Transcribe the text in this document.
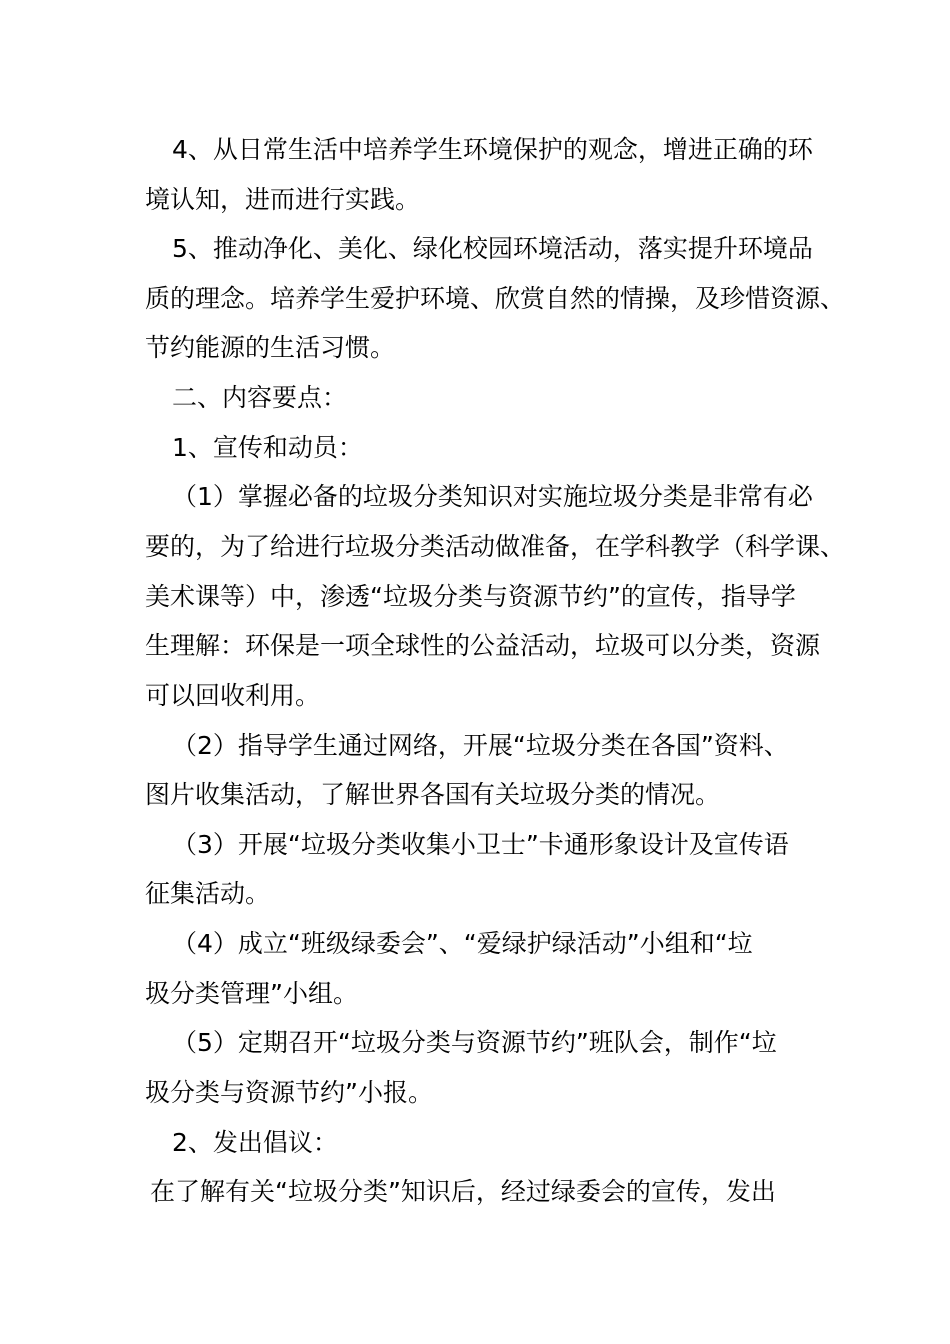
4、从日常生活中培养学生环境保护的观念，增进正确的环
境认知，进而进行实践。
5、推动净化、美化、绿化校园环境活动，落实提升环境品
质的理念。培养学生爱护环境、欣赏自然的情操，及珍惜资源、
节约能源的生活习惯。
二、内容要点：
1、宣传和动员：
（1）掌握必备的垃圾分类知识对实施垃圾分类是非常有必
要的，为了给进行垃圾分类活动做准备，在学科教学（科学课、
美术课等）中，渗透“垃圾分类与资源节约”的宣传，指导学
生理解：环保是一项全球性的公益活动，垃圾可以分类，资源
可以回收利用。
（2）指导学生通过网络，开展“垃圾分类在各国”资料、
图片收集活动，了解世界各国有关垃圾分类的情况。
（3）开展“垃圾分类收集小卫士”卡通形象设计及宣传语
征集活动。
（4）成立“班级绿委会”、“爱绿护绿活动”小组和“垃
圾分类管理”小组。
（5）定期召开“垃圾分类与资源节约”班队会，制作“垃
圾分类与资源节约”小报。
2、发出倡议：
在了解有关“垃圾分类”知识后，经过绿委会的宣传，发出
